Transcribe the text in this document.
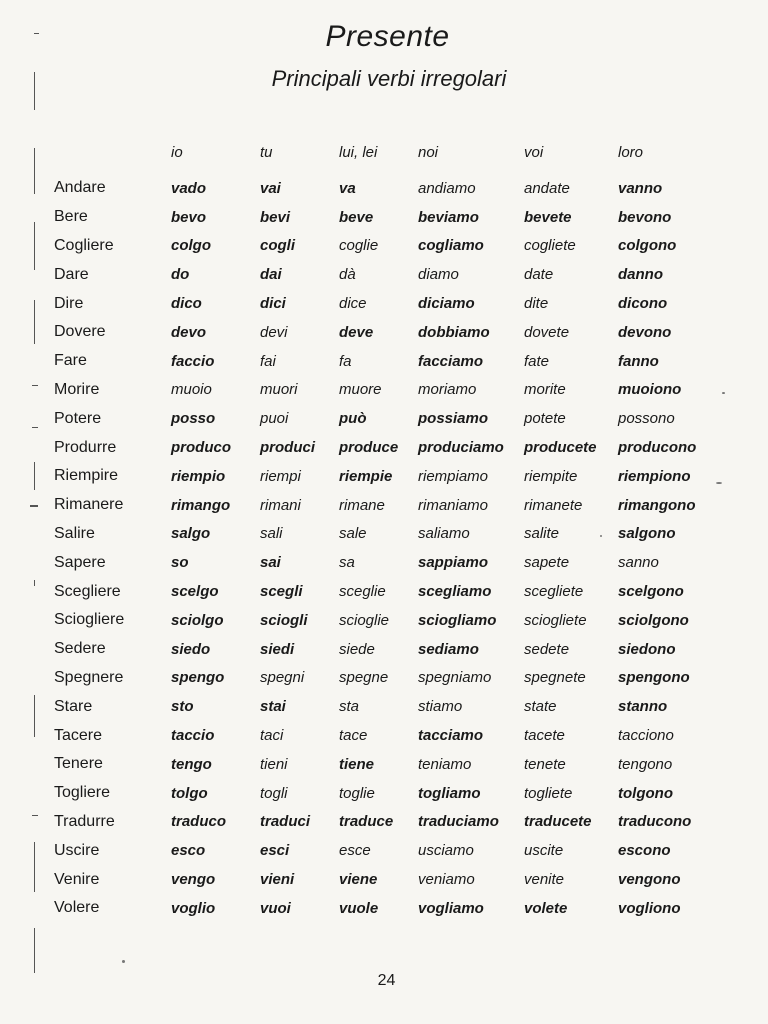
Presente
Principali verbi irregolari
	io	tu	lui, lei	noi	voi	loro
Andare	vado	vai	va	andiamo	andate	vanno
Bere	bevo	bevi	beve	beviamo	bevete	bevono
Cogliere	colgo	cogli	coglie	cogliamo	cogliete	colgono
Dare	do	dai	dà	diamo	date	danno
Dire	dico	dici	dice	diciamo	dite	dicono
Dovere	devo	devi	deve	dobbiamo	dovete	devono
Fare	faccio	fai	fa	facciamo	fate	fanno
Morire	muoio	muori	muore	moriamo	morite	muoiono
Potere	posso	puoi	può	possiamo	potete	possono
Produrre	produco	produci	produce	produciamo	producete	producono
Riempire	riempio	riempi	riempie	riempiamo	riempite	riempiono
Rimanere	rimango	rimani	rimane	rimaniamo	rimanete	rimangono
Salire	salgo	sali	sale	saliamo	salite	salgono
Sapere	so	sai	sa	sappiamo	sapete	sanno
Scegliere	scelgo	scegli	sceglie	scegliamo	scegliete	scelgono
Sciogliere	sciolgo	sciogli	scioglie	sciogliamo	sciogliete	sciolgono
Sedere	siedo	siedi	siede	sediamo	sedete	siedono
Spegnere	spengo	spegni	spegne	spegniamo	spegnete	spengono
Stare	sto	stai	sta	stiamo	state	stanno
Tacere	taccio	taci	tace	tacciamo	tacete	tacciono
Tenere	tengo	tieni	tiene	teniamo	tenete	tengono
Togliere	tolgo	togli	toglie	togliamo	togliete	tolgono
Tradurre	traduco	traduci	traduce	traduciamo	traducete	traducono
Uscire	esco	esci	esce	usciamo	uscite	escono
Venire	vengo	vieni	viene	veniamo	venite	vengono
Volere	voglio	vuoi	vuole	vogliamo	volete	vogliono
24
